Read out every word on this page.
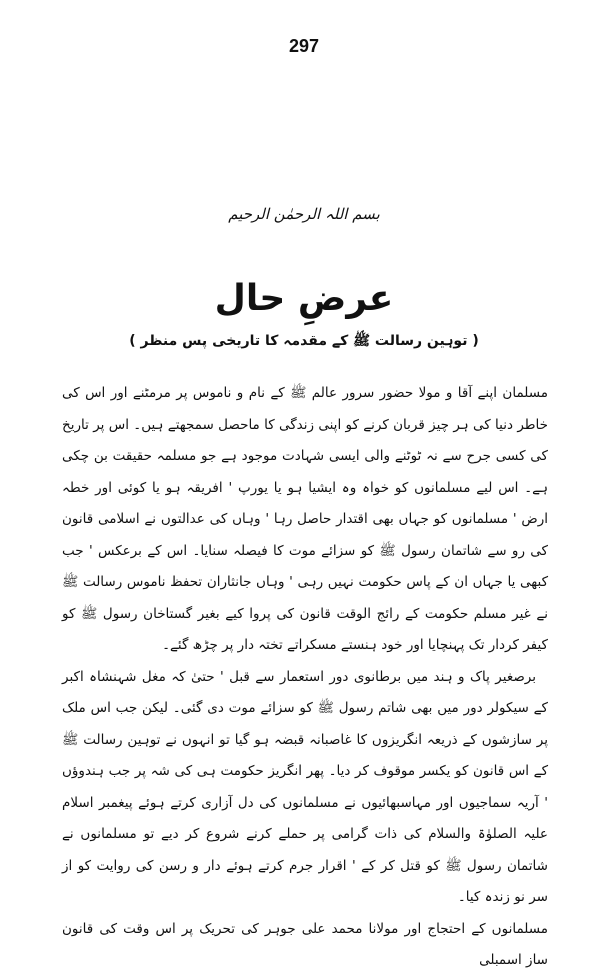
297
بسم اللہ الرحمٰن الرحیم
عرضِ حال
( توہین رسالت ﷺ کے مقدمہ کا تاریخی پس منظر )

مسلمان اپنے آقا و مولا حضور سرور عالم ﷺ کے نام و ناموس پر مرمٹنے اور اس کی خاطر دنیا کی ہر چیز قربان کرنے کو اپنی زندگی کا ماحصل سمجھتے ہیں۔ اس پر تاریخ کی کسی جرح سے نہ ٹوٹنے والی ایسی شہادت موجود ہے جو مسلمہ حقیقت بن چکی ہے۔ اس لیے مسلمانوں کو خواہ وہ ایشیا ہو یا یورپ ' افریقہ ہو یا کوئی اور خطہ ارض ' مسلمانوں کو جہاں بھی اقتدار حاصل رہا ' وہاں کی عدالتوں نے اسلامی قانون کی رو سے شاتمان رسول ﷺ کو سزائے موت کا فیصلہ سنایا۔ اس کے برعکس ' جب کبھی یا جہاں ان کے پاس حکومت نہیں رہی ' وہاں جانثاران تحفظ ناموس رسالت ﷺ نے غیر مسلم حکومت کے رائج الوقت قانون کی پروا کیے بغیر گستاخان رسول ﷺ کو کیفر کردار تک پہنچایا اور خود ہنستے مسکراتے تختہ دار پر چڑھ گئے۔

برصغیر پاک و ہند میں برطانوی دور استعمار سے قبل ' حتیٰ کہ مغل شہنشاہ اکبر کے سیکولر دور میں بھی شاتم رسول ﷺ کو سزائے موت دی گئی۔ لیکن جب اس ملک پر سازشوں کے ذریعہ انگریزوں کا غاصبانہ قبضہ ہو گیا تو انہوں نے توہین رسالت ﷺ کے اس قانون کو یکسر موقوف کر دیا۔ پھر انگریز حکومت ہی کی شہ پر جب ہندوؤں ' آریہ سماجیوں اور مہاسبھائیوں نے مسلمانوں کی دل آزاری کرتے ہوئے پیغمبر اسلام علیہ الصلوٰۃ والسلام کی ذات گرامی پر حملے کرنے شروع کر دیے تو مسلمانوں نے شاتمان رسول ﷺ کو قتل کر کے ' اقرار جرم کرتے ہوئے دار و رسن کی روایت کو از سر نو زندہ کیا۔

مسلمانوں کے احتجاج اور مولانا محمد علی جوہر کی تحریک پر اس وقت کی قانون ساز اسمبلی
